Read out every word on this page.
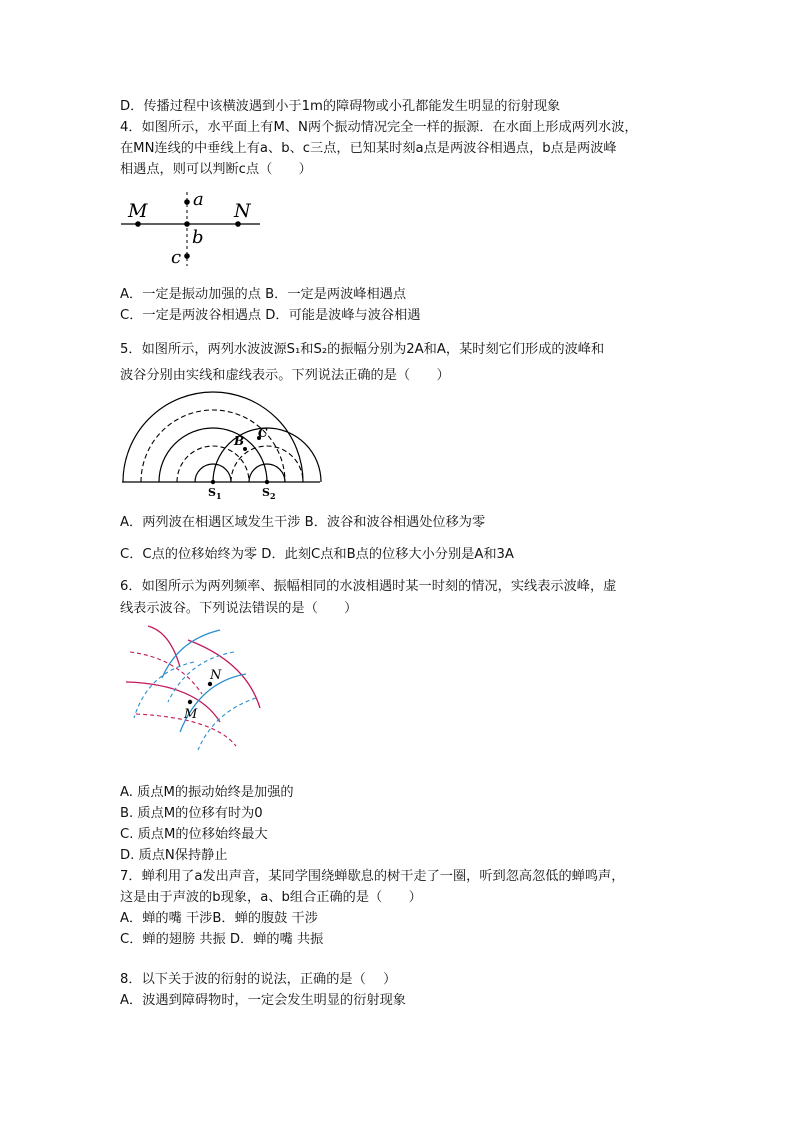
D．传播过程中该横波遇到小于1m的障碍物或小孔都能发生明显的衍射现象
4．如图所示，水平面上有M、N两个振动情况完全一样的振源．在水面上形成两列水波，
在MN连线的中垂线上有a、b、c三点，已知某时刻a点是两波谷相遇点，b点是两波峰
相遇点，则可以判断c点（　　）
M	N
a
b
c
A．一定是振动加强的点 B．一定是两波峰相遇点
C．一定是两波谷相遇点 D．可能是波峰与波谷相遇
5．如图所示，两列水波波源S₁和S₂的振幅分别为2A和A，某时刻它们形成的波峰和
波谷分别由实线和虚线表示。下列说法正确的是（　　）
B
C
$S_1$	$S_2$
A．两列波在相遇区域发生干涉 B．波谷和波谷相遇处位移为零
C．C点的位移始终为零 D．此刻C点和B点的位移大小分别是A和3A
6．如图所示为两列频率、振幅相同的水波相遇时某一时刻的情况，实线表示波峰，虚
线表示波谷。下列说法错误的是（　　）
N
M
A. 质点M的振动始终是加强的
B. 质点M的位移有时为0
C. 质点M的位移始终最大
D. 质点N保持静止
7．蝉利用了a发出声音，某同学围绕蝉歇息的树干走了一圈，听到忽高忽低的蝉鸣声，
这是由于声波的b现象，a、b组合正确的是（　　）
A．蝉的嘴 干涉B．蝉的腹鼓 干涉
C．蝉的翅膀 共振 D．蝉的嘴 共振
8．以下关于波的衍射的说法，正确的是（　 ）
A．波遇到障碍物时，一定会发生明显的衍射现象
